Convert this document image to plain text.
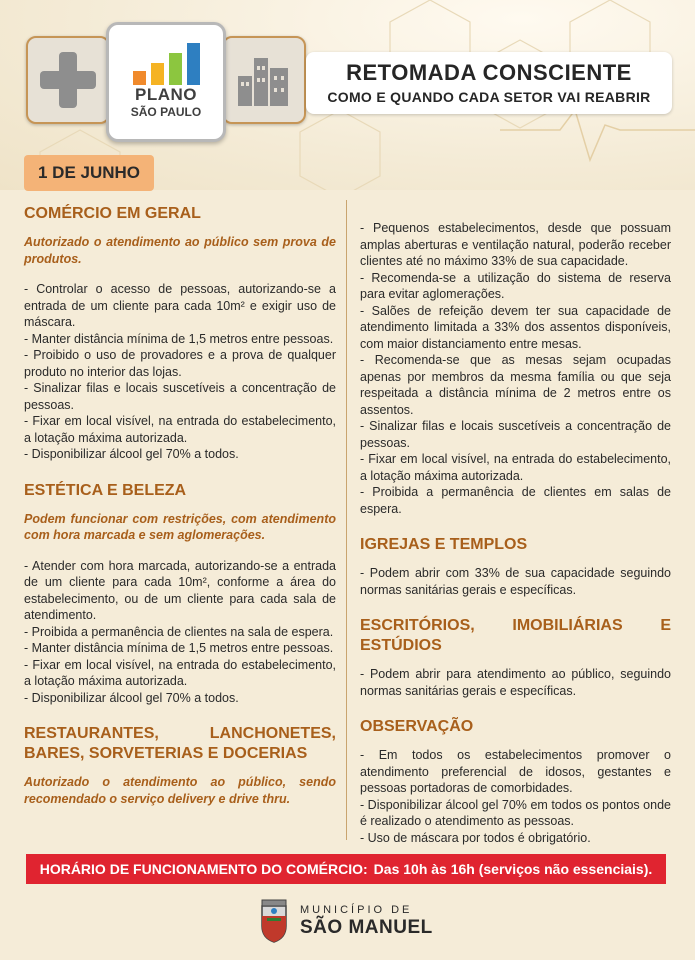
PLANO
SÃO PAULO
RETOMADA CONSCIENTE
COMO E QUANDO CADA SETOR VAI REABRIR
1 DE JUNHO
COMÉRCIO EM GERAL
Autorizado o atendimento ao público sem prova de produtos.
- Controlar o acesso de pessoas, autorizando-se a entrada de um cliente para cada 10m² e exigir uso de máscara.
- Manter distância mínima de 1,5 metros entre pessoas.
- Proibido o uso de provadores e a prova de qualquer produto no interior das lojas.
- Sinalizar filas e locais suscetíveis a concentração de pessoas.
- Fixar em local visível, na entrada do estabelecimento, a lotação máxima autorizada.
- Disponibilizar álcool gel 70% a todos.
ESTÉTICA E BELEZA
Podem funcionar com restrições, com atendimento com hora marcada e sem aglomerações.
- Atender com hora marcada, autorizando-se a entrada de um cliente para cada 10m², conforme a área do estabelecimento, ou de um cliente para cada sala de atendimento.
- Proibida a permanência de clientes na sala de espera.
- Manter distância mínima de 1,5 metros entre pessoas.
- Fixar em local visível, na entrada do estabelecimento, a lotação máxima autorizada.
- Disponibilizar álcool gel 70% a todos.
RESTAURANTES, LANCHONETES, BARES, SORVETERIAS E DOCERIAS
Autorizado o atendimento ao público, sendo recomendado o serviço delivery e drive thru.
- Pequenos estabelecimentos, desde que possuam amplas aberturas e ventilação natural, poderão receber clientes até no máximo 33% de sua capacidade.
- Recomenda-se a utilização do sistema de reserva para evitar aglomerações.
- Salões de refeição devem ter sua capacidade de atendimento limitada a 33% dos assentos disponíveis, com maior distanciamento entre mesas.
- Recomenda-se que as mesas sejam ocupadas apenas por membros da mesma família ou que seja respeitada a distância mínima de 2 metros entre os assentos.
- Sinalizar filas e locais suscetíveis a concentração de pessoas.
- Fixar em local visível, na entrada do estabelecimento, a lotação máxima autorizada.
- Proibida a permanência de clientes em salas de espera.
IGREJAS E TEMPLOS
- Podem abrir com 33% de sua capacidade seguindo normas sanitárias gerais e específicas.
ESCRITÓRIOS, IMOBILIÁRIAS E ESTÚDIOS
- Podem abrir para atendimento ao público, seguindo normas sanitárias gerais e específicas.
OBSERVAÇÃO
- Em todos os estabelecimentos promover o atendimento preferencial de idosos, gestantes e pessoas portadoras de comorbidades.
- Disponibilizar álcool gel 70% em todos os pontos onde é realizado o atendimento as pessoas.
- Uso de máscara por todos é obrigatório.
HORÁRIO DE FUNCIONAMENTO DO COMÉRCIO: Das 10h às 16h (serviços não essenciais).
MUNICÍPIO DE
SÃO MANUEL
